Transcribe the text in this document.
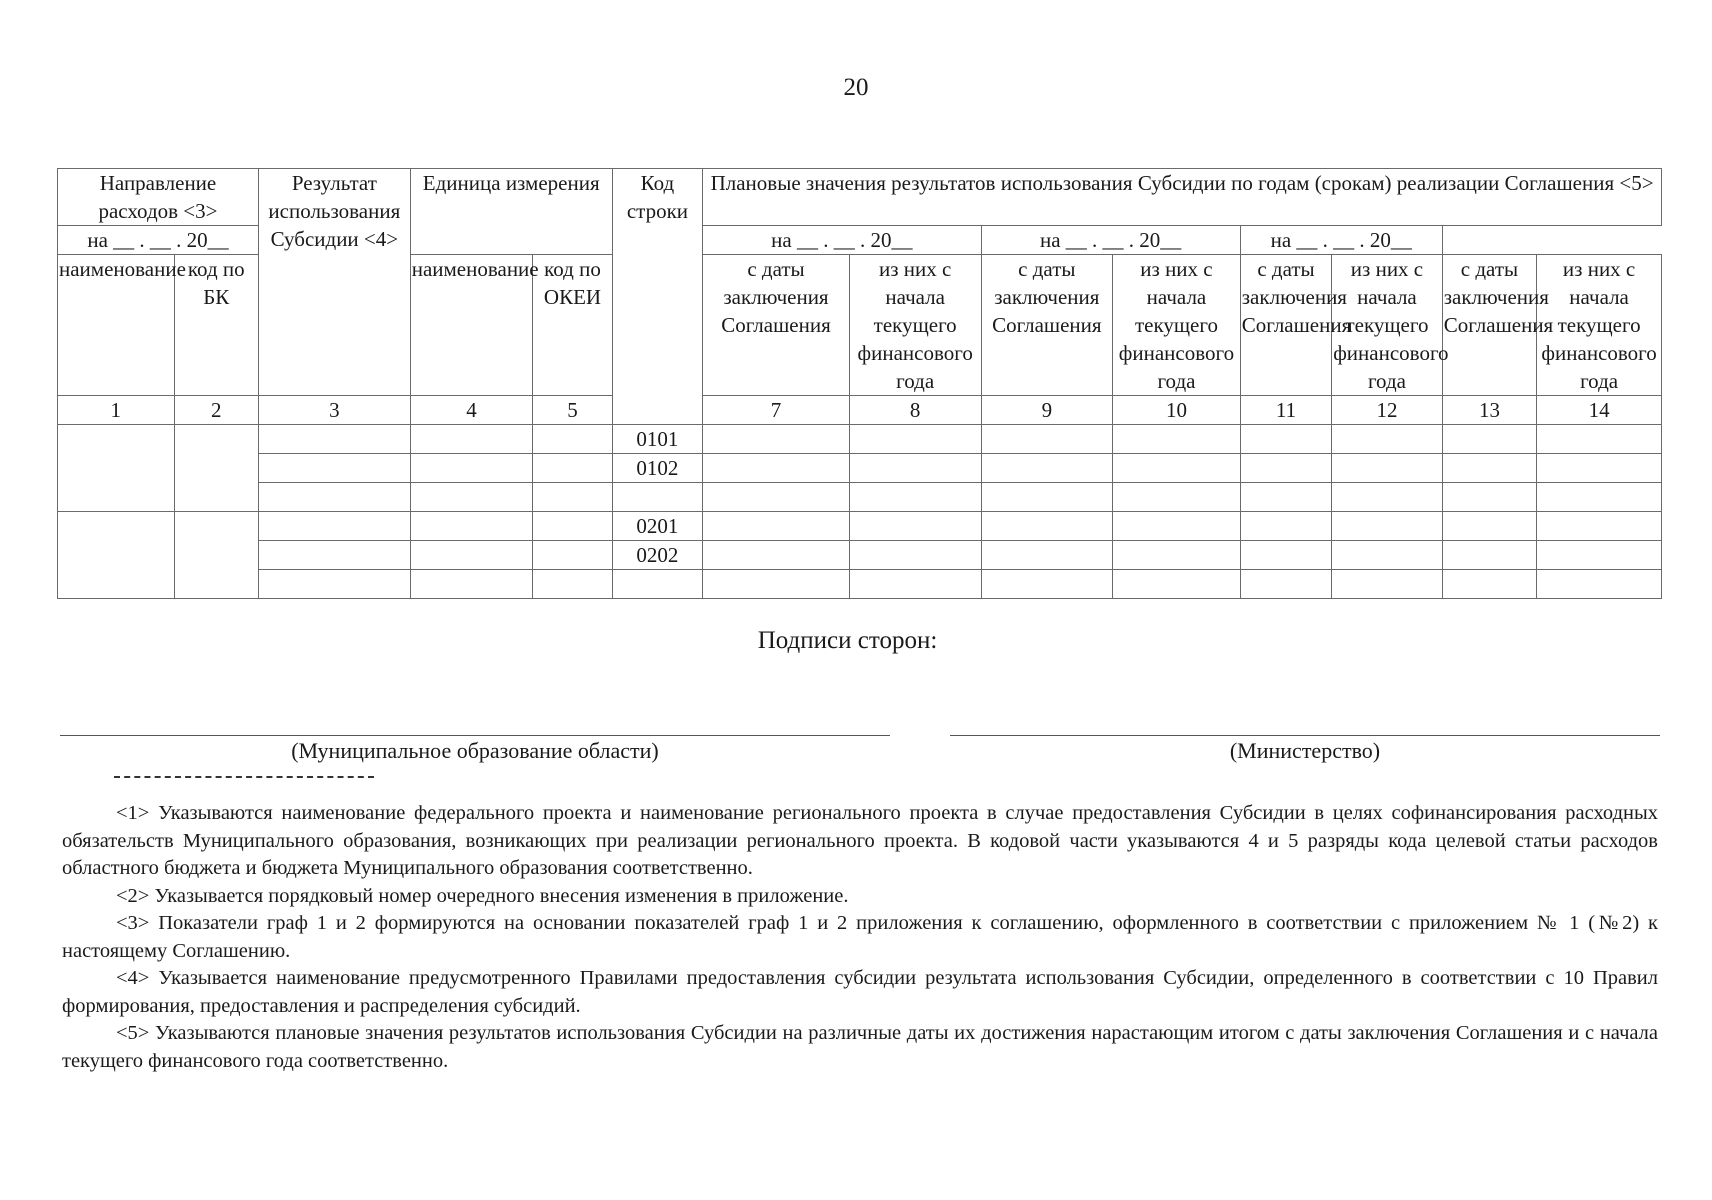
20
Направление расходов <3>		Результат использования Субсидии <4>	Единица измерения		Код строки	Плановые значения результатов использования Субсидии по годам (срокам) реализации Соглашения <5>							
на __ . __ . 20__						на __ . __ . 20__		на __ . __ . 20__		на __ . __ . 20__			
наименование	код по БК		наименование	код по ОКЕИ		с даты заключения Соглашения	из них с начала текущего финансового года	с даты заключения Соглашения	из них с начала текущего финансового года	с даты заключения Соглашения	из них с начала текущего финансового года	с даты заключения Соглашения	из них с начала текущего финансового года
1	2	3	4	5		7	8	9	10	11	12	13	14
					0101								
					0102								

					0201								
					0202								

Подписи сторон:
(Муниципальное образование области)	(Министерство)

<1> Указываются наименование федерального проекта и наименование регионального проекта в случае предоставления Субсидии в целях софинансирования расходных обязательств Муниципального образования, возникающих при реализации регионального проекта. В кодовой части указываются 4 и 5 разряды кода целевой статьи расходов областного бюджета и бюджета Муниципального образования соответственно.

<2> Указывается порядковый номер очередного внесения изменения в приложение.

<3> Показатели граф 1 и 2 формируются на основании показателей граф 1 и 2 приложения к соглашению, оформленного в соответствии с приложением № 1 (№2) к настоящему Соглашению.

<4> Указывается наименование предусмотренного Правилами предоставления субсидии результата использования Субсидии, определенного в соответствии с 10 Правил формирования, предоставления и распределения субсидий.

<5> Указываются плановые значения результатов использования Субсидии на различные даты их достижения нарастающим итогом с даты заключения Соглашения и с начала текущего финансового года соответственно.
